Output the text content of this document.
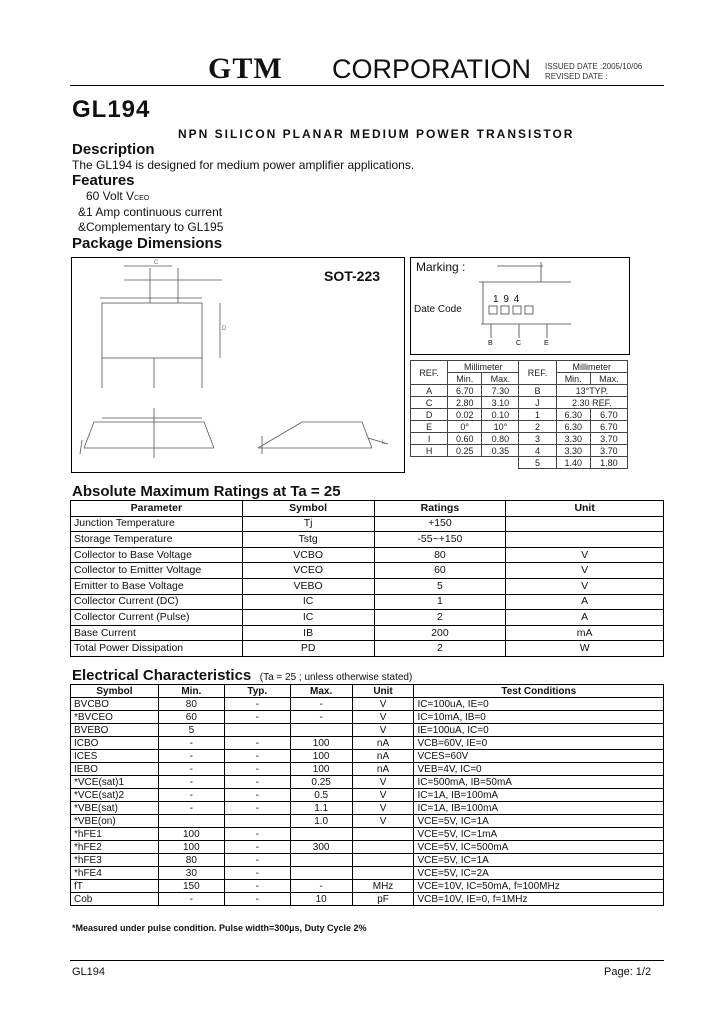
GTM CORPORATION ISSUED DATE :2005/10/06
REVISED DATE :
GL194
NPN SILICON PLANAR MEDIUM POWER TRANSISTOR
Description
The GL194 is designed for medium power amplifier applications.
Features
60 Volt VCEO
&1 Amp continuous current
&Complementary to GL195
Package Dimensions
SOT-223
C
D
L
Marking :
1 9 4
Date Code
B	C	E
REF.	Millimeter		REF.	Millimeter	
	Min.	Max.		Min.	Max.
A	6.70	7.30	B	13°TYP.	
C	2.80	3.10	J	2.30 REF.	
D	0.02	0.10	1	6.30	6.70
E	0°	10°	2	6.30	6.70
I	0.60	0.80	3	3.30	3.70
H	0.25	0.35	4	3.30	3.70
			5	1.40	1.80
Absolute Maximum Ratings at Ta = 25
Parameter	Symbol	Ratings	Unit
Junction Temperature	Tj	+150	
Storage Temperature	Tstg	-55~+150	
Collector to Base Voltage	VCBO	80	V
Collector to Emitter Voltage	VCEO	60	V
Emitter to Base Voltage	VEBO	5	V
Collector Current (DC)	IC	1	A
Collector Current (Pulse)	IC	2	A
Base Current	IB	200	mA
Total Power Dissipation	PD	2	W
Electrical Characteristics (Ta = 25 ; unless otherwise stated)
Symbol	Min.	Typ.	Max.	Unit	Test Conditions
BVCBO	80	-	-	V	IC=100uA, IE=0
*BVCEO	60	-	-	V	IC=10mA, IB=0
BVEBO	5			V	IE=100uA, IC=0
ICBO	-	-	100	nA	VCB=60V, IE=0
ICES	-	-	100	nA	VCES=60V
IEBO	-	-	100	nA	VEB=4V, IC=0
*VCE(sat)1	-	-	0.25	V	IC=500mA, IB=50mA
*VCE(sat)2	-	-	0.5	V	IC=1A, IB=100mA
*VBE(sat)	-	-	1.1	V	IC=1A, IB=100mA
*VBE(on)			1.0	V	VCE=5V, IC=1A
*hFE1	100	-			VCE=5V, IC=1mA
*hFE2	100	-	300		VCE=5V, IC=500mA
*hFE3	80	-			VCE=5V, IC=1A
*hFE4	30	-			VCE=5V, IC=2A
fT	150	-	-	MHz	VCE=10V, IC=50mA, f=100MHz
Cob	-	-	10	pF	VCB=10V, IE=0, f=1MHz
*Measured under pulse condition. Pulse width=300µs, Duty Cycle 2%
GL194	Page: 1/2
